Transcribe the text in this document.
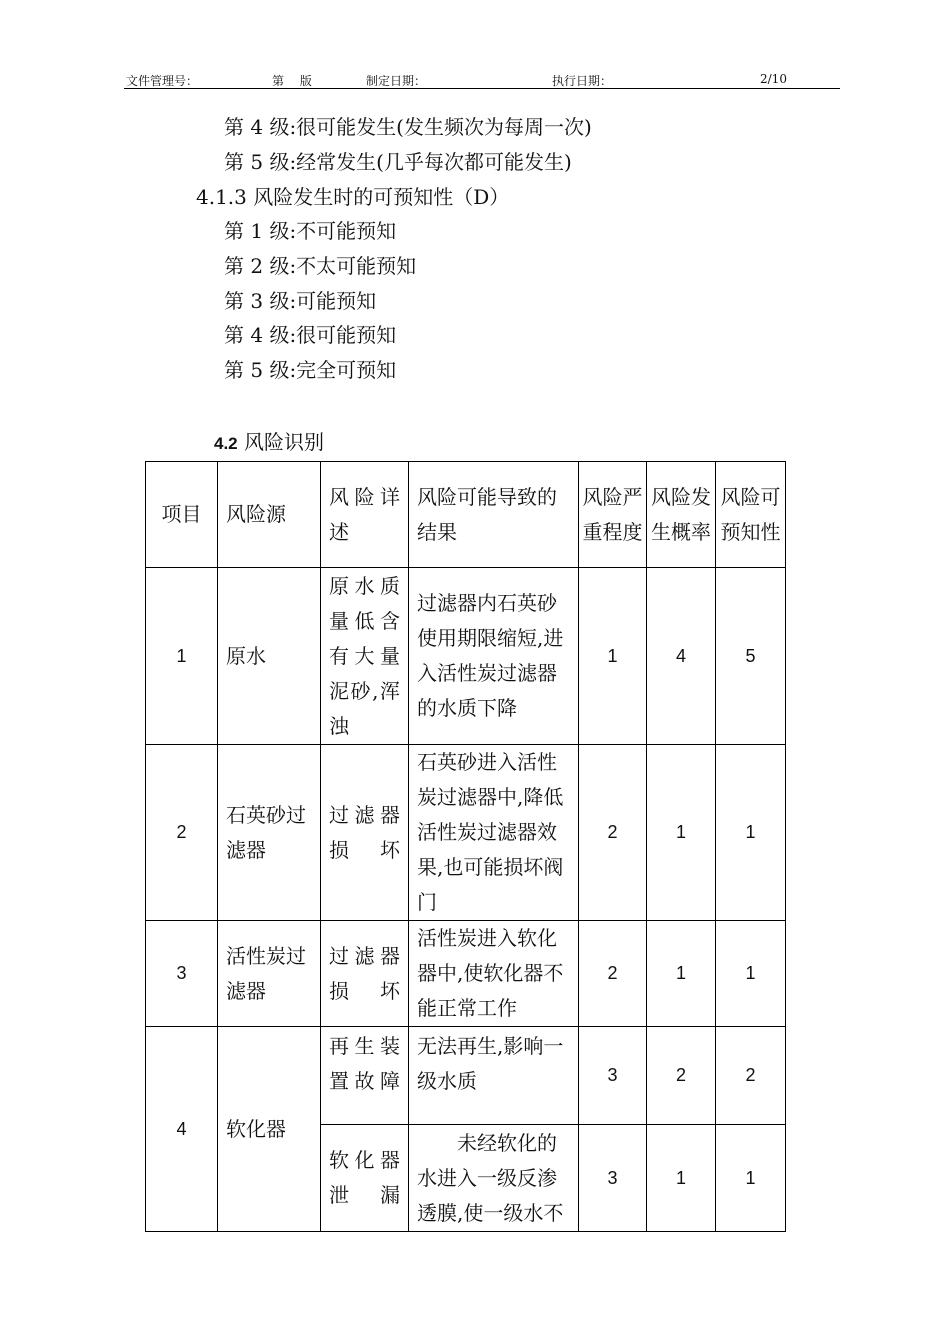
文件管理号：	第　 版	制定日期：	执行日期：	2/10
第 4 级:很可能发生(发生频次为每周一次)
第 5 级:经常发生(几乎每次都可能发生)
4.1.3 风险发生时的可预知性（D）
第 1 级:不可能预知
第 2 级:不太可能预知
第 3 级:可能预知
第 4 级:很可能预知
第 5 级:完全可预知
4.2 风险识别
项目	风险源	风险详述	风险可能导致的结果	风险严重程度	风险发生概率	风险可预知性
1	原水	原水质量低含有大量泥砂,浑浊	过滤器内石英砂使用期限缩短,进入活性炭过滤器的水质下降	1	4	5
2	石英砂过滤器	过滤器损坏	石英砂进入活性炭过滤器中,降低活性炭过滤器效果,也可能损坏阀门	2	1	1
3	活性炭过滤器	过滤器损坏	活性炭进入软化器中,使软化器不能正常工作	2	1	1
4	软化器	再生装置故障	无法再生,影响一级水质	3	2	2
		软化器泄漏	　　未经软化的水进入一级反渗透膜,使一级水不	3	1	1
